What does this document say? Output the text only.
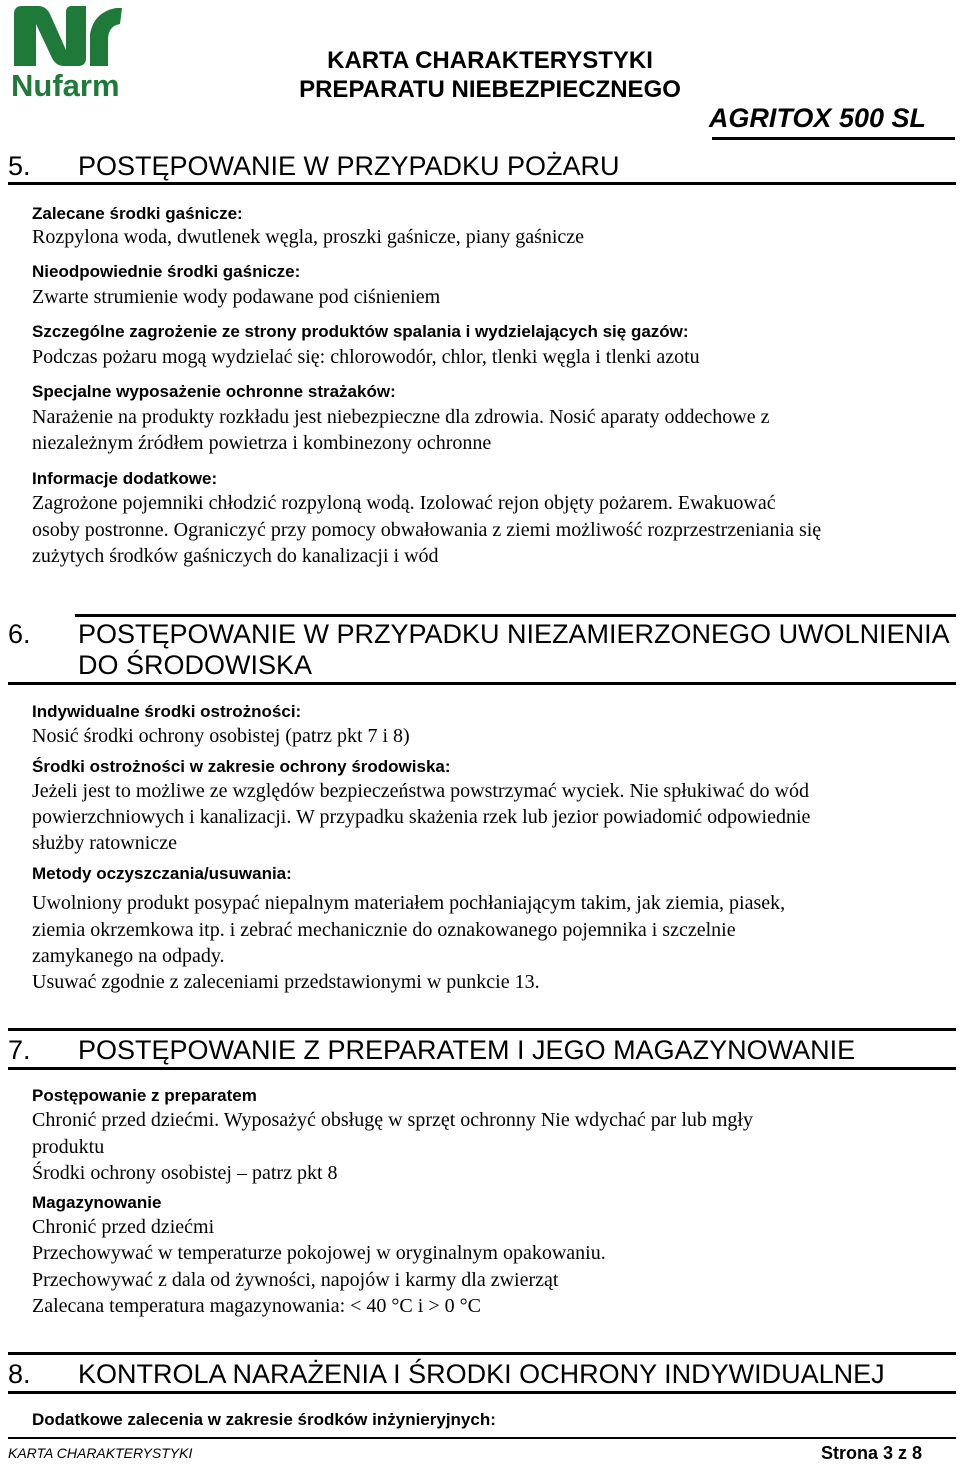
Nufarm
KARTA CHARAKTERYSTYKI
PREPARATU NIEBEZPIECZNEGO
AGRITOX 500 SL
5. POSTĘPOWANIE W PRZYPADKU POŻARU
Zalecane środki gaśnicze:
Rozpylona woda, dwutlenek węgla, proszki gaśnicze, piany gaśnicze
Nieodpowiednie środki gaśnicze:
Zwarte strumienie wody podawane pod ciśnieniem
Szczególne zagrożenie ze strony produktów spalania i wydzielających się gazów:
Podczas pożaru mogą wydzielać się: chlorowodór, chlor, tlenki węgla i tlenki azotu
Specjalne wyposażenie ochronne strażaków:
Narażenie na produkty rozkładu jest niebezpieczne dla zdrowia. Nosić aparaty oddechowe z
niezależnym źródłem powietrza i kombinezony ochronne
Informacje dodatkowe:
Zagrożone pojemniki chłodzić rozpyloną wodą. Izolować rejon objęty pożarem. Ewakuować
osoby postronne. Ograniczyć przy pomocy obwałowania z ziemi możliwość rozprzestrzeniania się
zużytych środków gaśniczych do kanalizacji i wód
6. POSTĘPOWANIE W PRZYPADKU NIEZAMIERZONEGO UWOLNIENIA
DO ŚRODOWISKA
Indywidualne środki ostrożności:
Nosić środki ochrony osobistej (patrz pkt 7 i 8)
Środki ostrożności w zakresie ochrony środowiska:
Jeżeli jest to możliwe ze względów bezpieczeństwa powstrzymać wyciek. Nie spłukiwać do wód
powierzchniowych i kanalizacji. W przypadku skażenia rzek lub jezior powiadomić odpowiednie
służby ratownicze
Metody oczyszczania/usuwania:
Uwolniony produkt posypać niepalnym materiałem pochłaniającym takim, jak ziemia, piasek,
ziemia okrzemkowa itp. i zebrać mechanicznie do oznakowanego pojemnika i szczelnie
zamykanego na odpady.
Usuwać zgodnie z zaleceniami przedstawionymi w punkcie 13.
7. POSTĘPOWANIE Z PREPARATEM I JEGO MAGAZYNOWANIE
Postępowanie z preparatem
Chronić przed dziećmi. Wyposażyć obsługę w sprzęt ochronny Nie wdychać par lub mgły
produktu
Środki ochrony osobistej – patrz pkt 8
Magazynowanie
Chronić przed dziećmi
Przechowywać w temperaturze pokojowej w oryginalnym opakowaniu.
Przechowywać z dala od żywności, napojów i karmy dla zwierząt
Zalecana temperatura magazynowania: < 40 °C i > 0 °C
8. KONTROLA NARAŻENIA I ŚRODKI OCHRONY INDYWIDUALNEJ
Dodatkowe zalecenia w zakresie środków inżynieryjnych:
KARTA CHARAKTERYSTYKI	Strona 3 z 8
